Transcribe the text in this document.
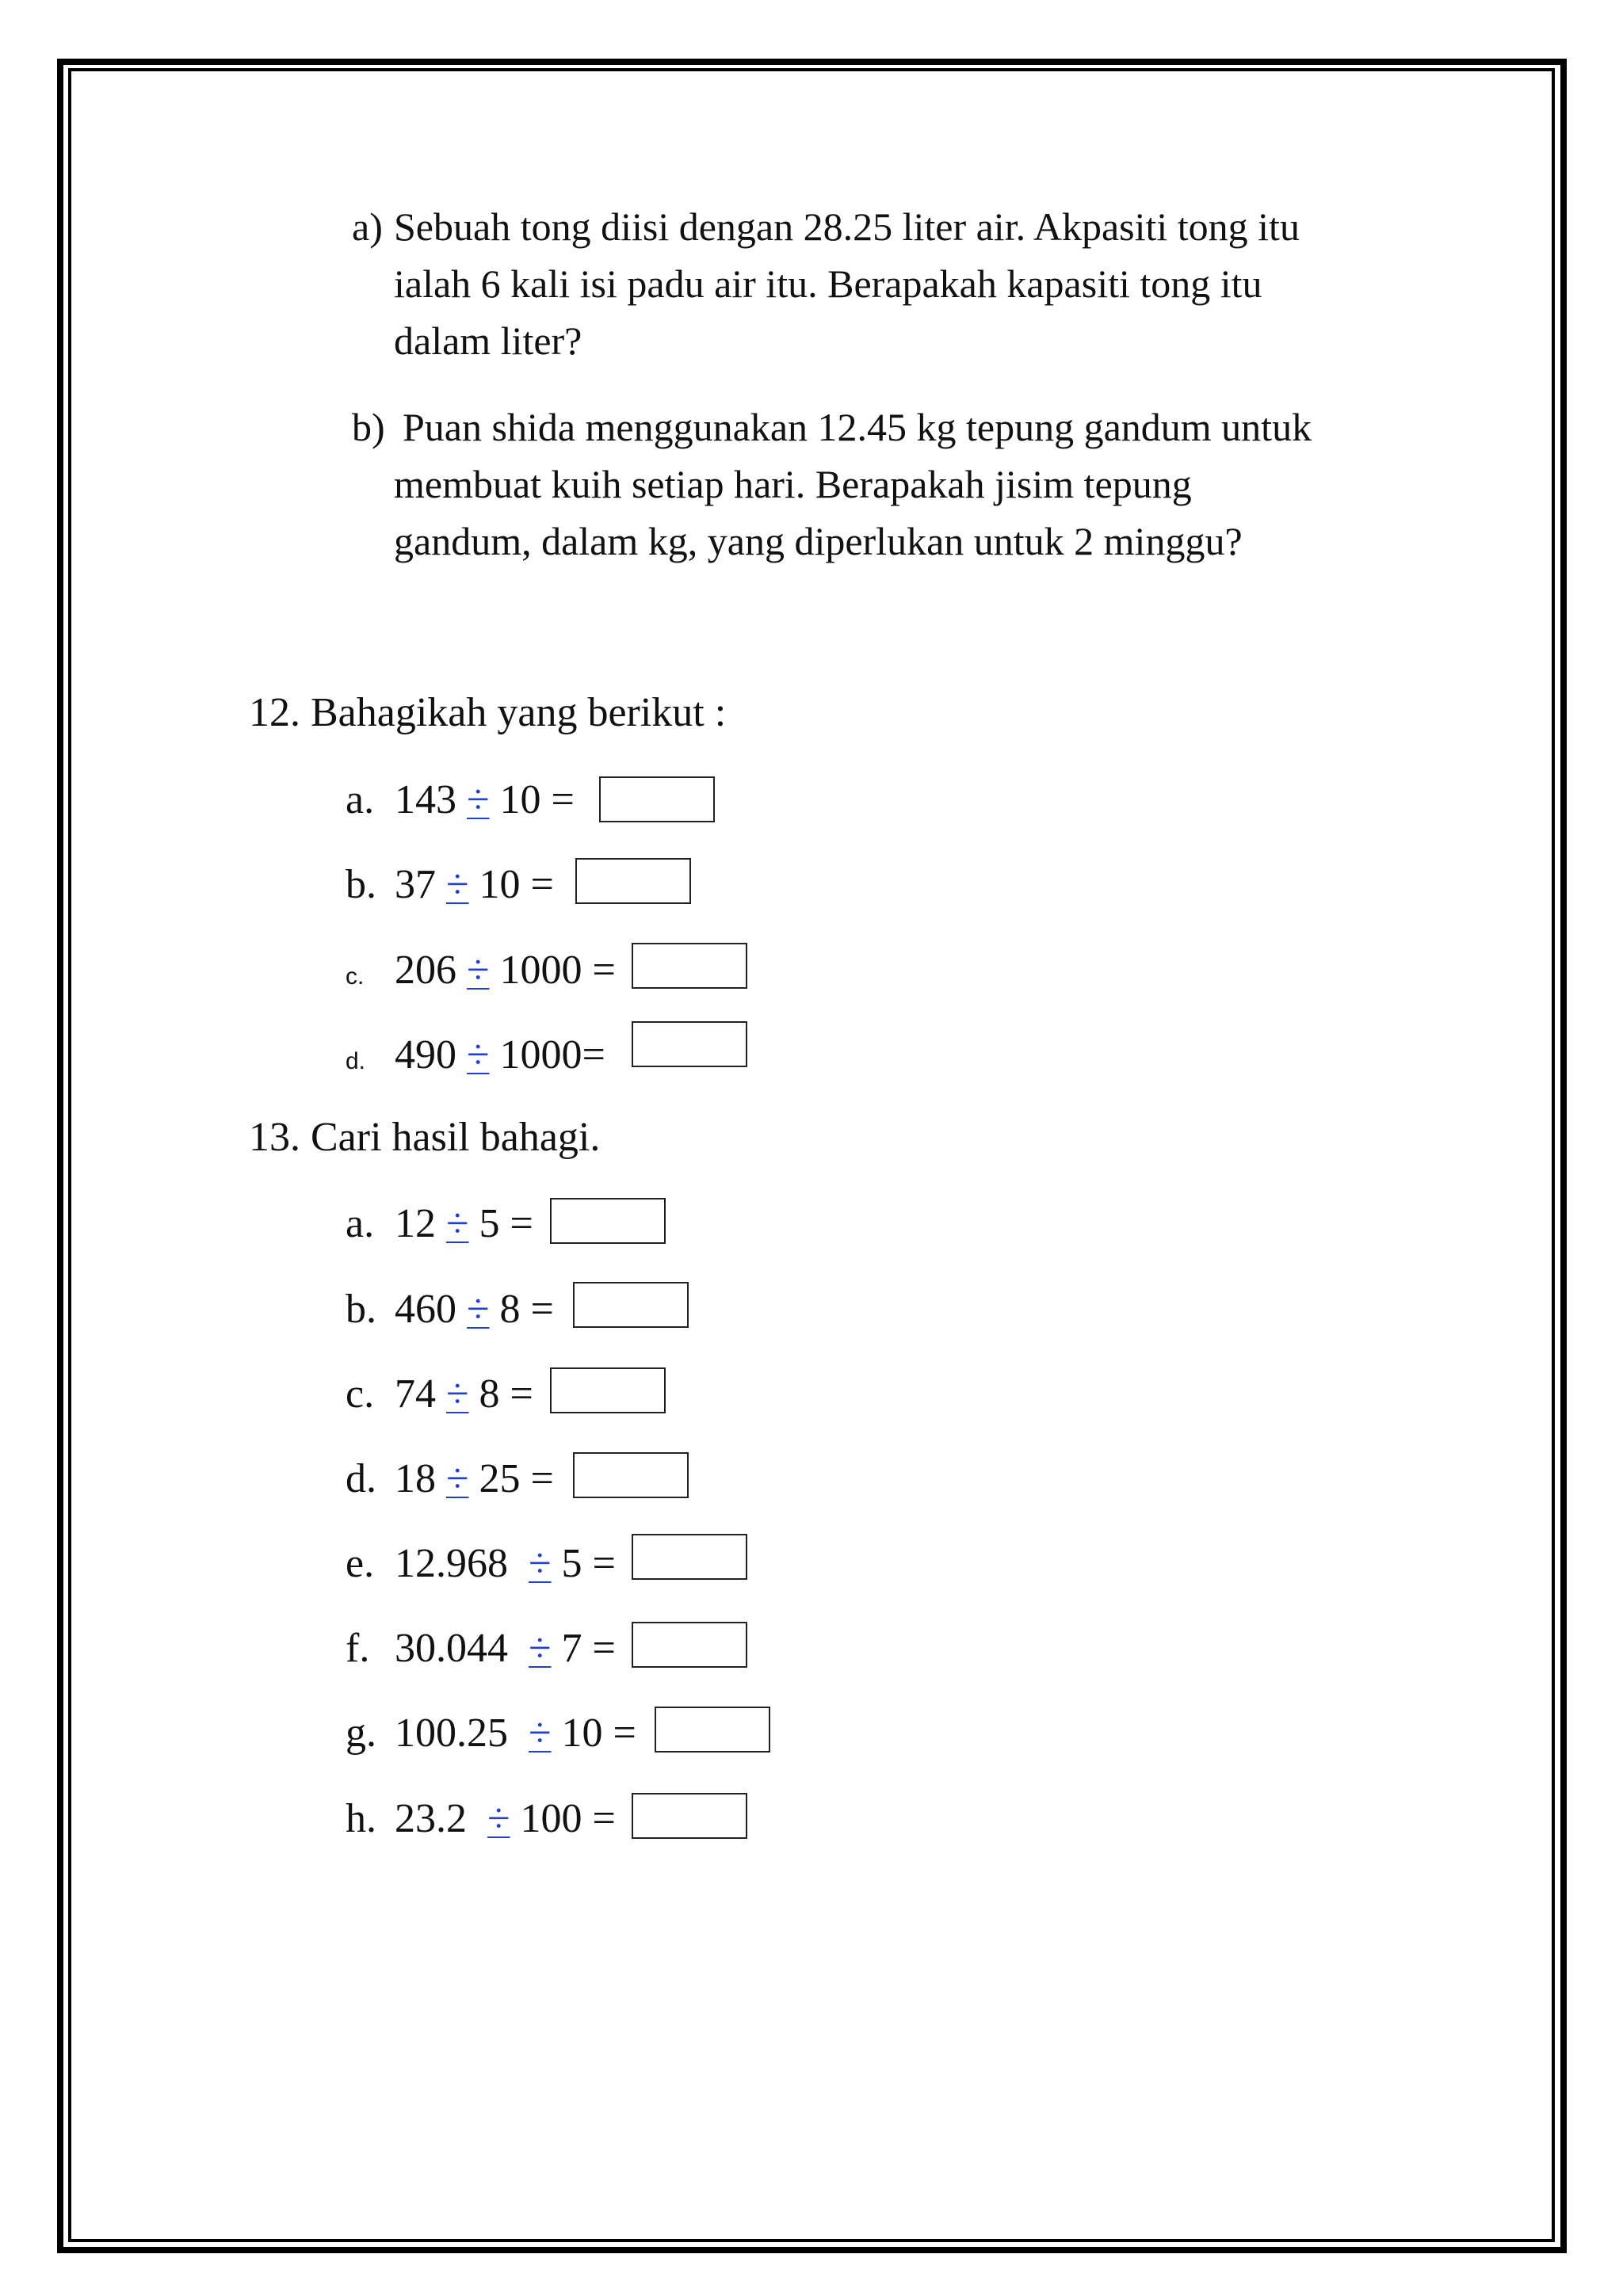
a) Sebuah tong diisi dengan 28.25 liter air. Akpasiti tong itu
ialah 6 kali isi padu air itu. Berapakah kapasiti tong itu
dalam liter?
b) Puan shida menggunakan 12.45 kg tepung gandum untuk
membuat kuih setiap hari. Berapakah jisim tepung
gandum, dalam kg, yang diperlukan untuk 2 minggu?
12. Bahagikah yang berikut :
a. 143 ÷ 10 =
b. 37 ÷ 10 =
c. 206 ÷ 1000 =
d. 490 ÷ 1000=
13. Cari hasil bahagi.
a. 12 ÷ 5 =
b. 460 ÷ 8 =
c. 74 ÷ 8 =
d. 18 ÷ 25 =
e. 12.968  ÷ 5 =
f. 30.044  ÷ 7 =
g. 100.25  ÷ 10 =
h. 23.2  ÷ 100 =
